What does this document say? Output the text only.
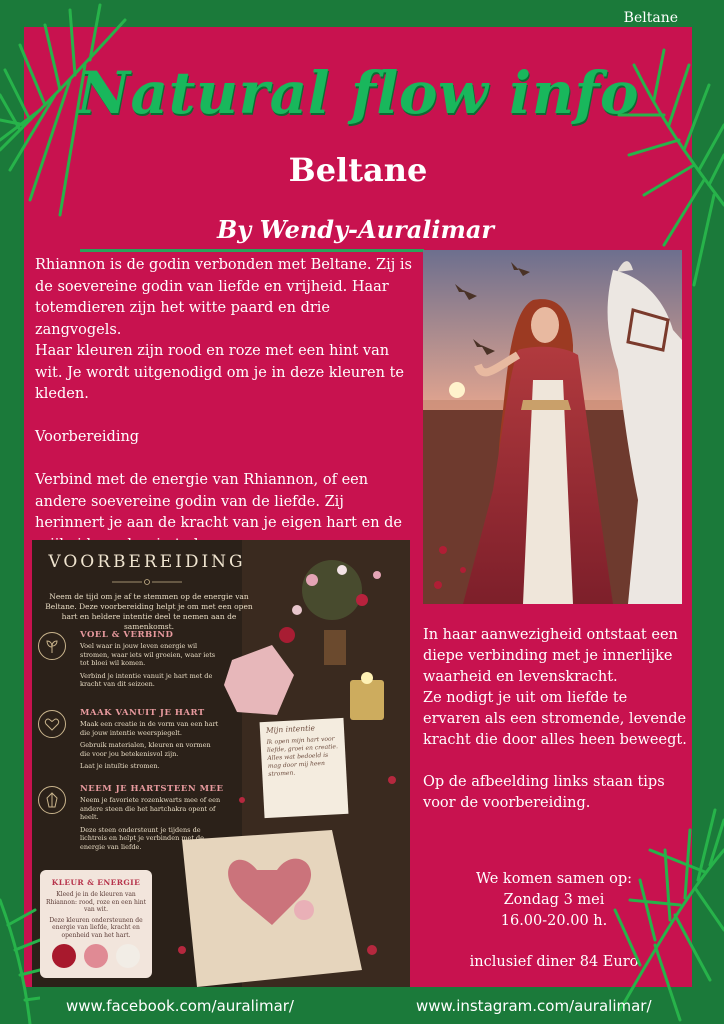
Beltane
Natural flow info
Beltane
By Wendy-Auralimar

Rhiannon is de godin verbonden met Beltane. Zij is de soevereine godin van liefde en vrijheid. Haar totemdieren zijn het witte paard en drie zangvogels.
Haar kleuren zijn rood en roze met een hint van wit. Je wordt uitgenodigd om je in deze kleuren te kleden.

Voorbereiding

Verbind met de energie van Rhiannon, of een andere soevereine godin van de liefde. Zij herinnert je aan de kracht van je eigen hart en de

VOORBEREIDING
Neem de tijd om je af te stemmen op de energie van Beltane. Deze voorbereiding helpt je om met een open hart en heldere intentie deel te nemen aan de samenkomst.
VOEL & VERBIND
Voel waar in jouw leven energie wil stromen, waar iets wil groeien, waar iets tot bloei wil komen.
Verbind je intentie vanuit je hart met de kracht van dit seizoen.
MAAK VANUIT JE HART
Maak een creatie in de vorm van een hart die jouw intentie weerspiegelt.
Gebruik materialen, kleuren en vormen die voor jou betekenisvol zijn.
Laat je intuïtie stromen.
NEEM JE HARTSTEEN MEE
Neem je favoriete rozenkwarts mee of een andere steen die het hartchakra opent of heelt.
Deze steen ondersteunt je tijdens de lichtreis en helpt je verbinden met de energie van liefde.
KLEUR & ENERGIE
Kleed je in de kleuren van Rhiannon: rood, roze en een hint van wit.
Deze kleuren ondersteunen de energie van liefde, kracht en openheid van het hart.
Mijn intentie
Ik open mijn hart voor liefde, groei en creatie. Alles wat bedoeld is mag door mij heen stromen.

In haar aanwezigheid ontstaat een diepe verbinding met je innerlijke waarheid en levenskracht.
Ze nodigt je uit om liefde te ervaren als een stromende, levende kracht die door alles heen beweegt.

Op de afbeelding links staan tips voor de voorbereiding.

We komen samen op:
Zondag 3 mei
16.00-20.00 h.
inclusief diner 84 Euro
www.facebook.com/auralimar/	www.instagram.com/auralimar/
